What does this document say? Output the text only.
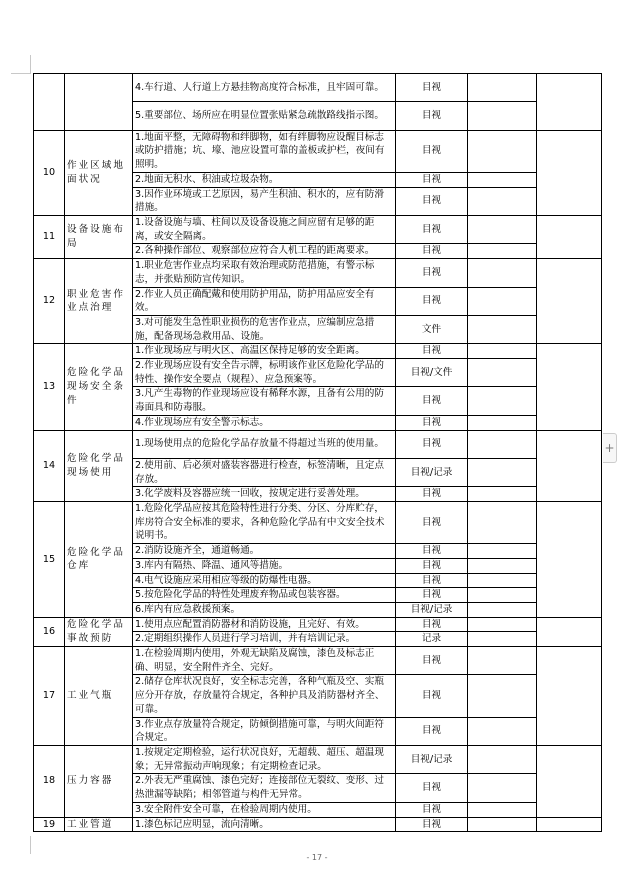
		4.车行道、人行道上方悬挂物高度符合标准，且牢固可靠。	目视		
		5.重要部位、场所应在明显位置张贴紧急疏散路线指示图。	目视		
10	作业区域地面状况	1.地面平整，无障碍物和绊脚物，如有绊脚物应设醒目标志或防护措施；坑、壕、池应设置可靠的盖板或护栏，夜间有照明。	目视		
		2.地面无积水、积油或垃圾杂物。	目视		
		3.因作业环境或工艺原因，易产生积油、积水的，应有防滑措施。	目视		
11	设备设施布局	1.设备设施与墙、柱间以及设备设施之间应留有足够的距离，或安全隔离。	目视		
		2.各种操作部位、观察部位应符合人机工程的距离要求。	目视		
12	职业危害作业点治理	1.职业危害作业点均采取有效治理或防范措施，有警示标志，并张贴预防宣传知识。	目视		
		2.作业人员正确配戴和使用防护用品，防护用品应安全有效。	目视		
		3.对可能发生急性职业损伤的危害作业点，应编制应急措施，配备现场急救用品、设施。	文件		
13	危险化学品现场安全条件	1.作业现场应与明火区、高温区保持足够的安全距离。	目视		
		2.作业现场应设有安全告示牌，标明该作业区危险化学品的特性、操作安全要点（规程）、应急预案等。	目视/文件		
		3.凡产生毒物的作业现场应设有稀释水源，且备有公用的防毒面具和防毒服。	目视		
		4.作业现场应有安全警示标志。	目视		
14	危险化学品现场使用	1.现场使用点的危险化学品存放量不得超过当班的使用量。	目视		
		2.使用前、后必须对盛装容器进行检查，标签清晰，且定点存放。	目视/记录		
		3.化学废料及容器应统一回收，按规定进行妥善处理。	目视		
15	危险化学品仓库	1.危险化学品应按其危险特性进行分类、分区、分库贮存，库房符合安全标准的要求，各种危险化学品有中文安全技术说明书。	目视		
		2.消防设施齐全，通道畅通。	目视		
		3.库内有隔热、降温、通风等措施。	目视		
		4.电气设施应采用相应等级的防爆性电器。	目视		
		5.按危险化学品的特性处理废弃物品或包装容器。	目视		
		6.库内有应急救援预案。	目视/记录		
16	危险化学品事故预防	1.使用点应配置消防器材和消防设施，且完好、有效。	目视		
		2.定期组织操作人员进行学习培训，并有培训记录。	记录		
17	工业气瓶	1.在检验周期内使用，外观无缺陷及腐蚀，漆色及标志正确、明显，安全附件齐全、完好。	目视		
		2.储存仓库状况良好，安全标志完善，各种气瓶及空、实瓶应分开存放，存放量符合规定，各种护具及消防器材齐全、可靠。	目视		
		3.作业点存放量符合规定，防倾倒措施可靠，与明火间距符合规定。	目视		
18	压力容器	1.按规定定期检验，运行状况良好，无超载、超压、超温现象；无异常振动声响现象；有定期检查记录。	目视/记录		
		2.外表无严重腐蚀、漆色完好；连接部位无裂纹、变形、过热泄漏等缺陷；相邻管道与构件无异常。	目视		
		3.安全附件安全可靠，在检验周期内使用。	目视		
19	工业管道	1.漆色标记应明显，流向清晰。	目视		
+
- 17 -
